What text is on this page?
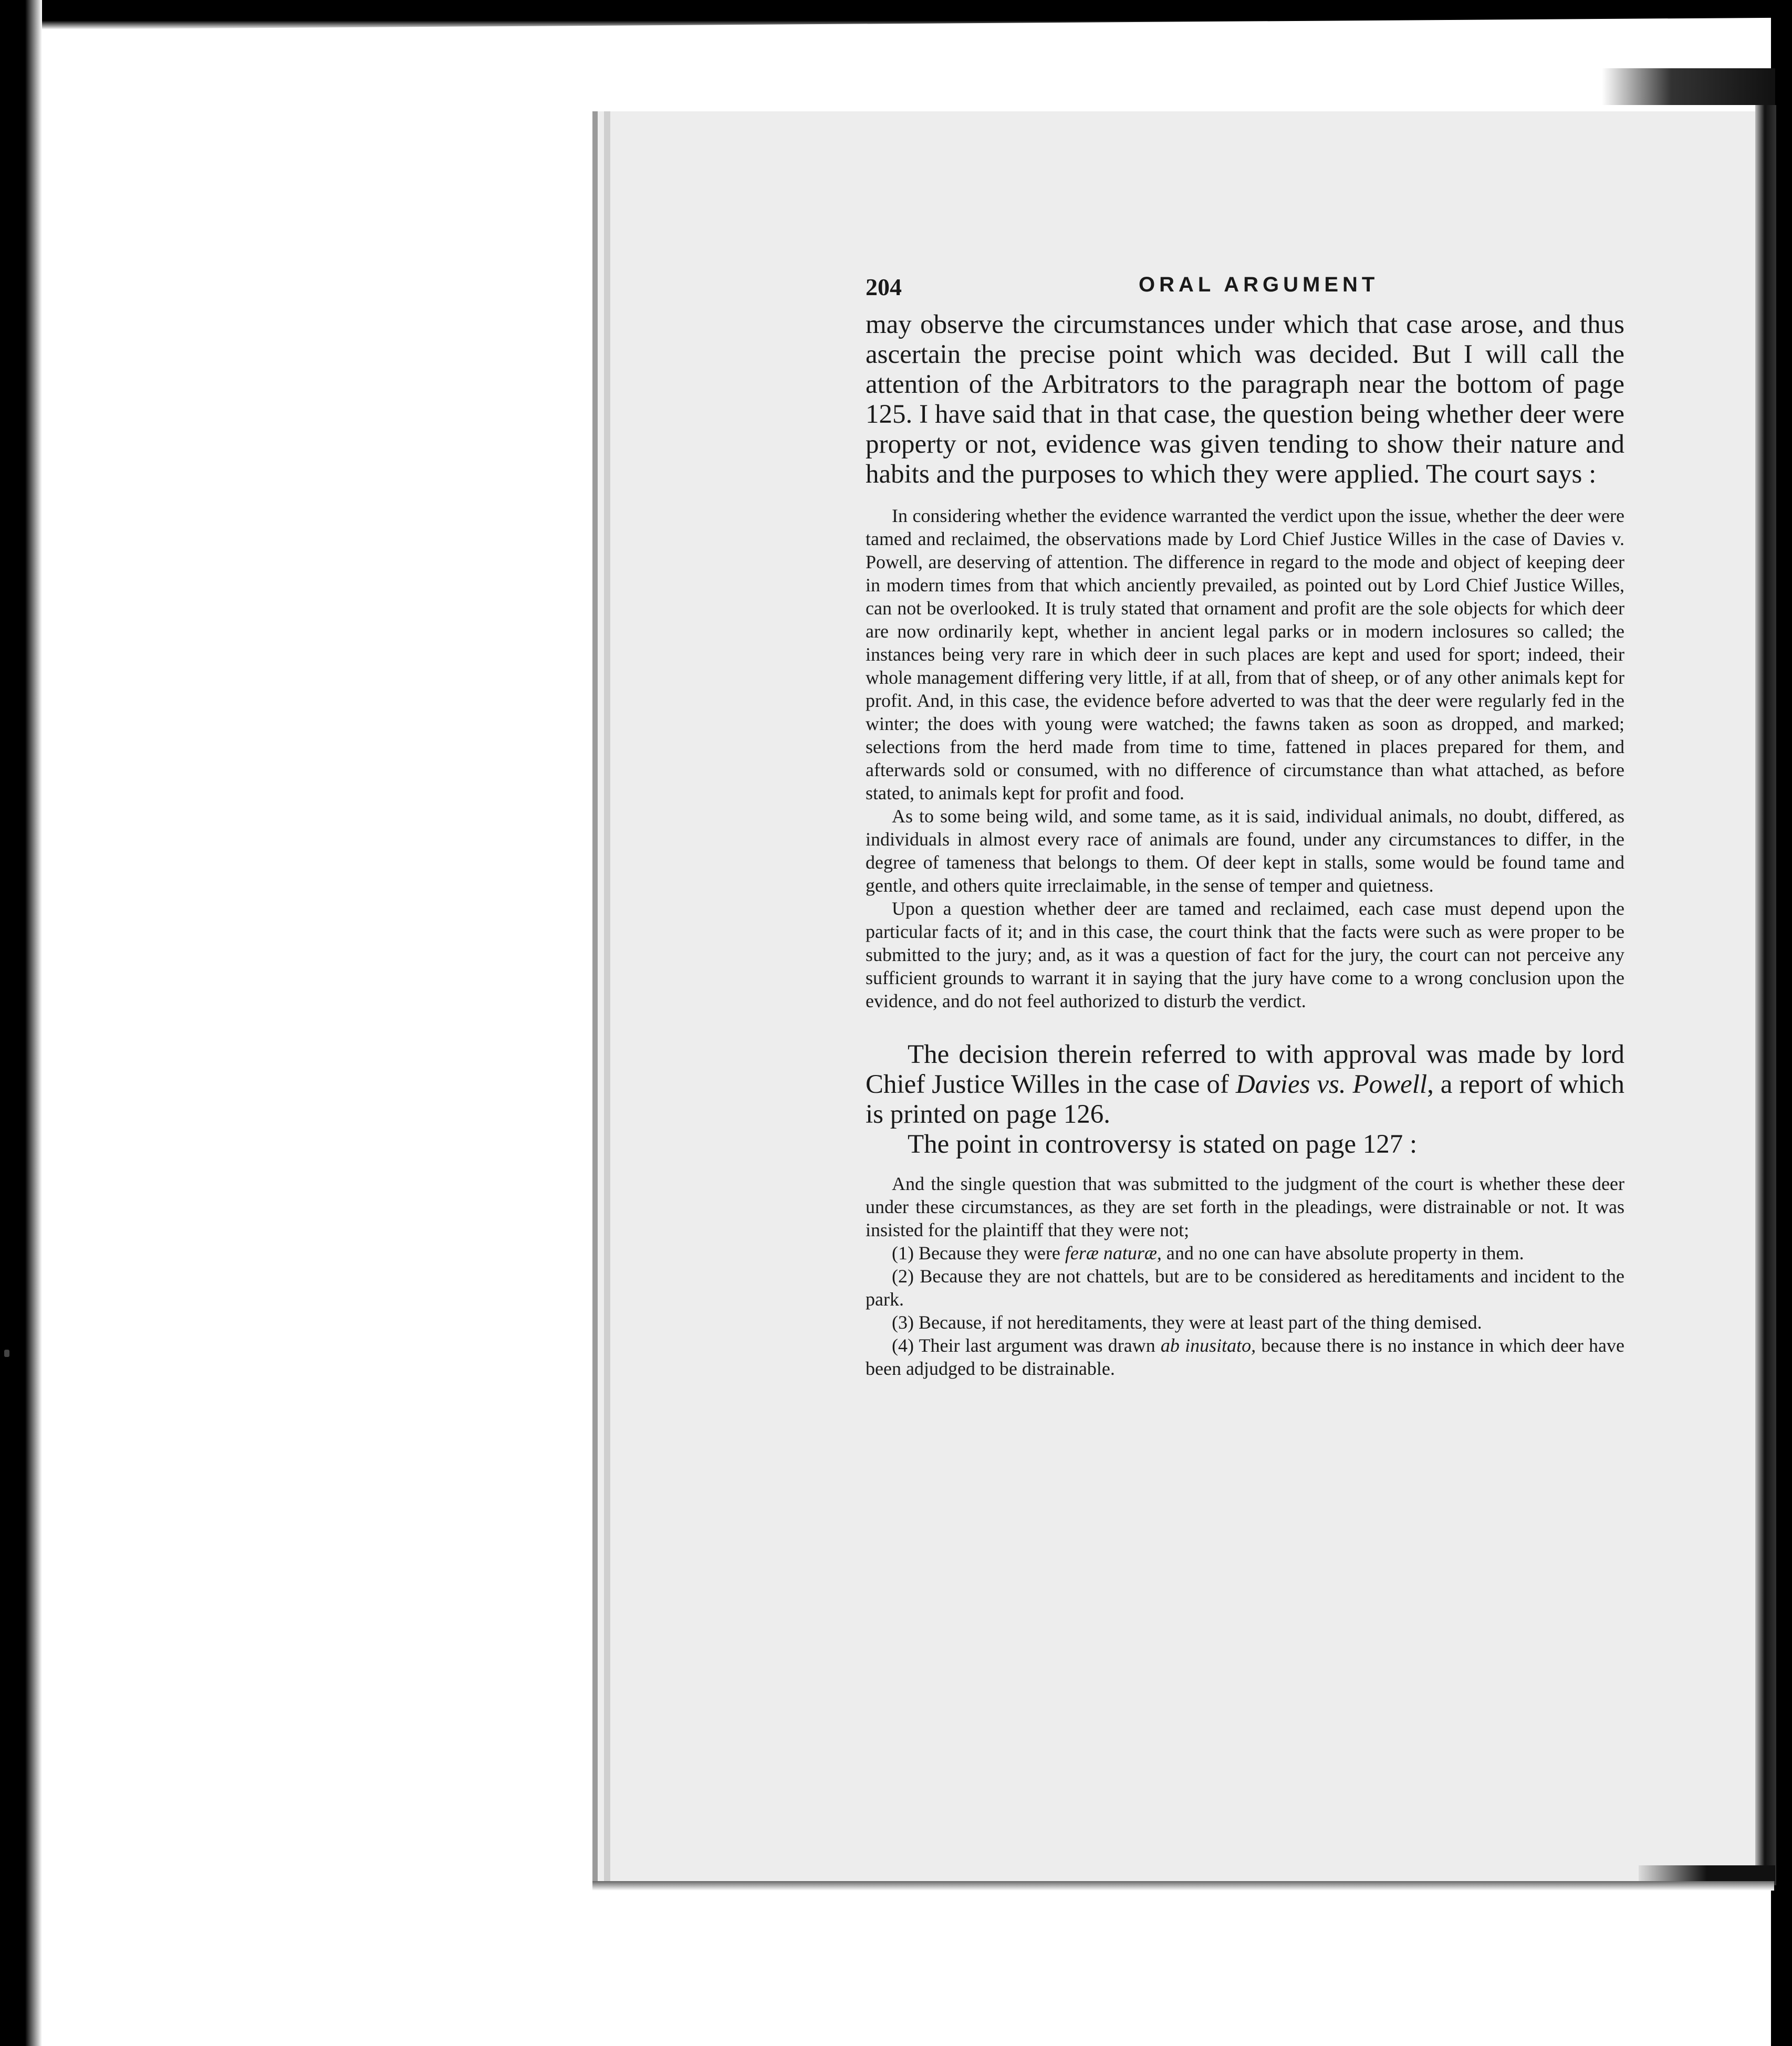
204	ORAL ARGUMENT

may observe the circumstances under which that case arose, and thus ascertain the precise point which was decided. But I will call the attention of the Arbitrators to the paragraph near the bottom of page 125. I have said that in that case, the question being whether deer were property or not, evidence was given tending to show their nature and habits and the purposes to which they were applied. The court says :

In considering whether the evidence warranted the verdict upon the issue, whether the deer were tamed and reclaimed, the observations made by Lord Chief Justice Willes in the case of Davies v. Powell, are deserving of attention. The difference in regard to the mode and object of keeping deer in modern times from that which anciently prevailed, as pointed out by Lord Chief Justice Willes, can not be overlooked. It is truly stated that ornament and profit are the sole objects for which deer are now ordinarily kept, whether in ancient legal parks or in modern inclosures so called; the instances being very rare in which deer in such places are kept and used for sport; indeed, their whole management differing very little, if at all, from that of sheep, or of any other animals kept for profit. And, in this case, the evidence before adverted to was that the deer were regularly fed in the winter; the does with young were watched; the fawns taken as soon as dropped, and marked; selections from the herd made from time to time, fattened in places prepared for them, and afterwards sold or consumed, with no difference of circumstance than what attached, as before stated, to animals kept for profit and food.

As to some being wild, and some tame, as it is said, individual animals, no doubt, differed, as individuals in almost every race of animals are found, under any circumstances to differ, in the degree of tameness that belongs to them. Of deer kept in stalls, some would be found tame and gentle, and others quite irreclaimable, in the sense of temper and quietness.

Upon a question whether deer are tamed and reclaimed, each case must depend upon the particular facts of it; and in this case, the court think that the facts were such as were proper to be submitted to the jury; and, as it was a question of fact for the jury, the court can not perceive any sufficient grounds to warrant it in saying that the jury have come to a wrong conclusion upon the evidence, and do not feel authorized to disturb the verdict.

The decision therein referred to with approval was made by lord Chief Justice Willes in the case of Davies vs. Powell, a report of which is printed on page 126.

The point in controversy is stated on page 127 :

And the single question that was submitted to the judgment of the court is whether these deer under these circumstances, as they are set forth in the pleadings, were distrainable or not. It was insisted for the plaintiff that they were not;

(1) Because they were feræ naturæ, and no one can have absolute property in them.

(2) Because they are not chattels, but are to be considered as hereditaments and incident to the park.

(3) Because, if not hereditaments, they were at least part of the thing demised.

(4) Their last argument was drawn ab inusitato, because there is no instance in which deer have been adjudged to be distrainable.
